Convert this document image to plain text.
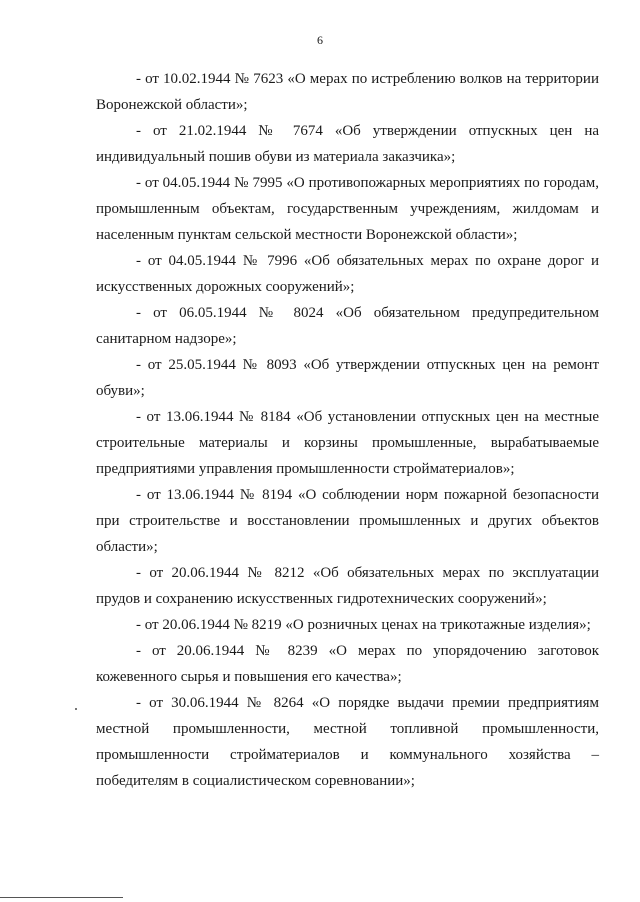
6

- от 10.02.1944 № 7623 «О мерах по истреблению волков на территории Воронежской области»;

- от 21.02.1944 № 7674 «Об утверждении отпускных цен на индивидуальный пошив обуви из материала заказчика»;

- от 04.05.1944 № 7995 «О противопожарных мероприятиях по городам, промышленным объектам, государственным учреждениям, жилдомам и населенным пунктам сельской местности Воронежской области»;

- от 04.05.1944 № 7996 «Об обязательных мерах по охране дорог и искусственных дорожных сооружений»;

- от 06.05.1944 № 8024 «Об обязательном предупредительном санитарном надзоре»;

- от 25.05.1944 № 8093 «Об утверждении отпускных цен на ремонт обуви»;

- от 13.06.1944 № 8184 «Об установлении отпускных цен на местные строительные материалы и корзины промышленные, вырабатываемые предприятиями управления промышленности стройматериалов»;

- от 13.06.1944 № 8194 «О соблюдении норм пожарной безопасности при строительстве и восстановлении промышленных и других объектов области»;

- от 20.06.1944 № 8212 «Об обязательных мерах по эксплуатации прудов и сохранению искусственных гидротехнических сооружений»;

- от 20.06.1944 № 8219 «О розничных ценах на трикотажные изделия»;

- от 20.06.1944 № 8239 «О мерах по упорядочению заготовок кожевенного сырья и повышения его качества»;

- от 30.06.1944 № 8264 «О порядке выдачи премии предприятиям местной промышленности, местной топливной промышленности, промышленности стройматериалов и коммунального хозяйства – победителям в социалистическом соревновании»;
